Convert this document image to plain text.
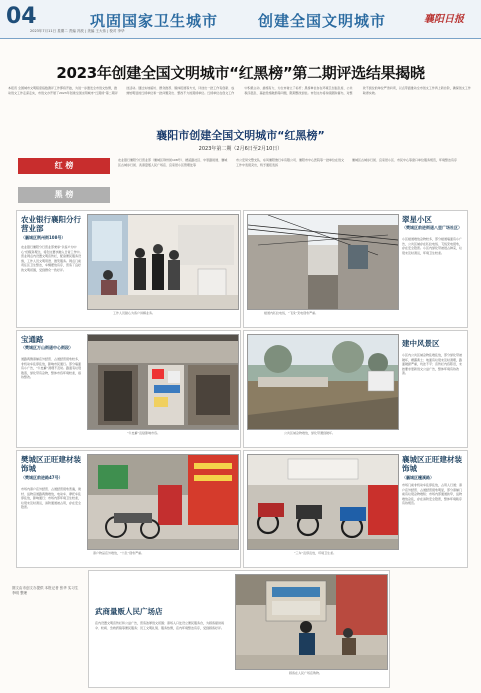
04	巩固国家卫生城市	创建全国文明城市	襄阳日报
2023年7月11日 星期二 责编 冯波 | 美编 王大伟 | 校对 李华
2023年创建全国文明城市“红黑榜”第二期评选结果揭晓
本报讯 全国城市文明程度指数测评工作即将开始，为进一步激发全市创文热情，推动创文工作走深走实，市创文办开展了2023年创建全国文明城市“红黑榜”第二期评选活动。通过实地暗访、群众推荐、媒体报道等方式，评选出一批工作有创新、成效较明显的红榜单位和一批问题突出、整改不力的黑榜单位。红榜单位在创文工作中积极主动、措施有力，为全市树立了标杆；黑榜单位存在环境卫生脏乱差、公共秩序混乱、基础设施破损等问题，限期整改到位。市创文办将持续跟踪督办，对整改不到位的单位严肃问责，以点带面推动全市创文工作再上新台阶，确保创文工作取得实效。
襄阳市创建全国文明城市“红黑榜”
2023年第二期（2月6日至2月10日）
红 榜
黑 榜
农业银行襄阳分行营业部（襄城区荆州街108号）、檀溪路社区、中原路街道、襄城区古城步行街、武商量贩人民广场店、宜家居小区管理处等
市公安局交警支队、东风襄阳旅行车有限公司、襄阳市中心医院等一批单位在创文工作中表现突出，特予通报表扬
襄城区古城步行街、宜家居小区、市民中心等窗口单位服务规范，环境整洁有序
农业银行襄阳分行营业部
（襄城区荆州街108号）
农业银行襄阳分行营业部秉承“以客户为中心”的服务理念，将创文要求融入日常工作中。营业网点内设置文明宣传栏，配备便民服务设施，工作人员文明用语、微笑服务。网点门前责任区卫生整洁，车辆摆放有序，营造了良好的文明氛围，受到群众一致好评。
工作人员耐心为客户讲解业务。	楼道内私拉电线，“飞线”充电现象严重。
翠星小区
（樊城区前进街道八里广场社区）
小区楼道堆放杂物较多，部分楼道墙面有小广告，公共区域存在私拉电线、飞线充电现象，存在安全隐患。小区内绿化带被侵占种菜，垃圾未及时清运，环境卫生较差。
宝通路
（樊城区万山街道中心街段）
道路两侧商铺店外经营、占道经营现象较多，非机动车乱停乱放，影响市民通行。部分墙面有小广告，“牛皮癣”清理不及时。路面有垃圾散落，绿化带有杂物，整体市容环境较差，亟待整改。
“牛皮癣”乱贴影响市容。	公共区域杂物堆放，绿化带遭到破坏。
建中风景区
小区内公共区域杂物乱堆乱放，部分绿化带被破坏，裸露黄土；地面有垃圾未及时清理，路面破损严重，坑洼不平；宣传栏内容陈旧，未按要求更新创文公益广告，整体环境有待改善。
樊城区正旺建材装饰城
（樊城区前进路47号）
市场内商户店外经营、占道经营现象普遍，建材、货物沿道路两侧堆放，电动车、摩托车乱停乱放，影响通行；市场内部环境卫生较差，垃圾未及时清运，消防通道被占用，存在安全隐患。
商户物品店外堆放，“十乱”现象严重。	“三车”乱停乱放，环境卫生差。
襄城区正旺建材装饰城
（襄城区檀溪路）
市场门前非机动车乱停乱放，占用人行道；商户店外经营、占道经营现象明显，部分商铺门前有垃圾杂物堆积；市场内部通道狭窄，货物堆放杂乱，存在消防安全隐患，整体环境秩序有待规范。
图文由市创文办提供 本报记者 张华 实习生 李明 整理
武商量贩人民广场店
店内设置文明宣传栏和公益广告，营造浓厚创文氛围；商场入口处设立便民服务台，为顾客提供雨伞、轮椅、急救药箱等便民服务；员工文明礼貌、服务热情，店内环境整洁有序，受到顾客好评。
顾客在人民广场店购物。
